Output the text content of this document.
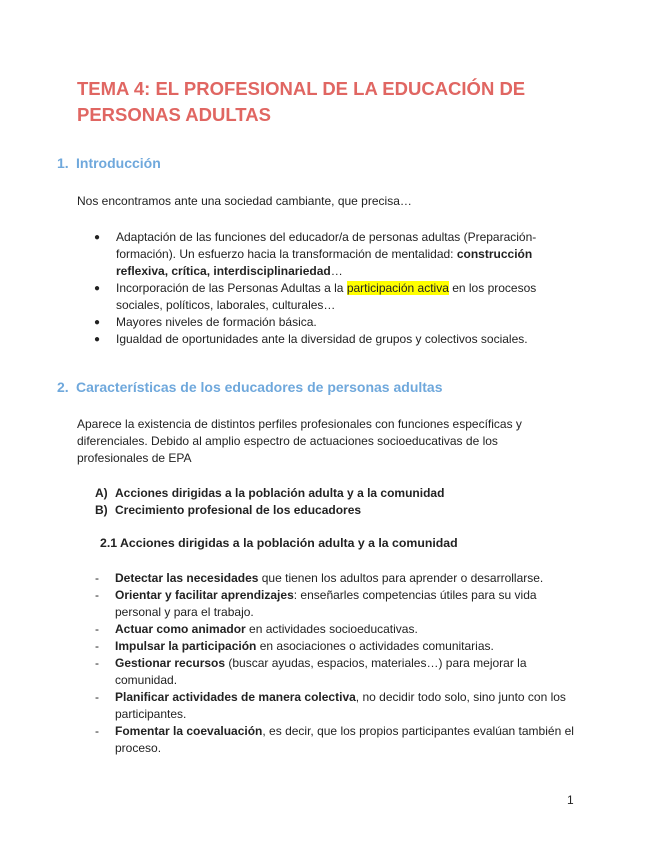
TEMA 4: EL PROFESIONAL DE LA EDUCACIÓN DE PERSONAS ADULTAS
1. Introducción

Nos encontramos ante una sociedad cambiante, que precisa…

● Adaptación de las funciones del educador/a de personas adultas (Preparación-formación). Un esfuerzo hacia la transformación de mentalidad: construcción reflexiva, crítica, interdisciplinariedad…
● Incorporación de las Personas Adultas a la participación activa en los procesos sociales, políticos, laborales, culturales…
● Mayores niveles de formación básica.
● Igualdad de oportunidades ante la diversidad de grupos y colectivos sociales.
2. Características de los educadores de personas adultas

Aparece la existencia de distintos perfiles profesionales con funciones específicas y diferenciales. Debido al amplio espectro de actuaciones socioeducativas de los profesionales de EPA

A) Acciones dirigidas a la población adulta y a la comunidad
B) Crecimiento profesional de los educadores
2.1 Acciones dirigidas a la población adulta y a la comunidad
- Detectar las necesidades que tienen los adultos para aprender o desarrollarse.
- Orientar y facilitar aprendizajes: enseñarles competencias útiles para su vida personal y para el trabajo.
- Actuar como animador en actividades socioeducativas.
- Impulsar la participación en asociaciones o actividades comunitarias.
- Gestionar recursos (buscar ayudas, espacios, materiales…) para mejorar la comunidad.
- Planificar actividades de manera colectiva, no decidir todo solo, sino junto con los participantes.
- Fomentar la coevaluación, es decir, que los propios participantes evalúan también el proceso.
1
